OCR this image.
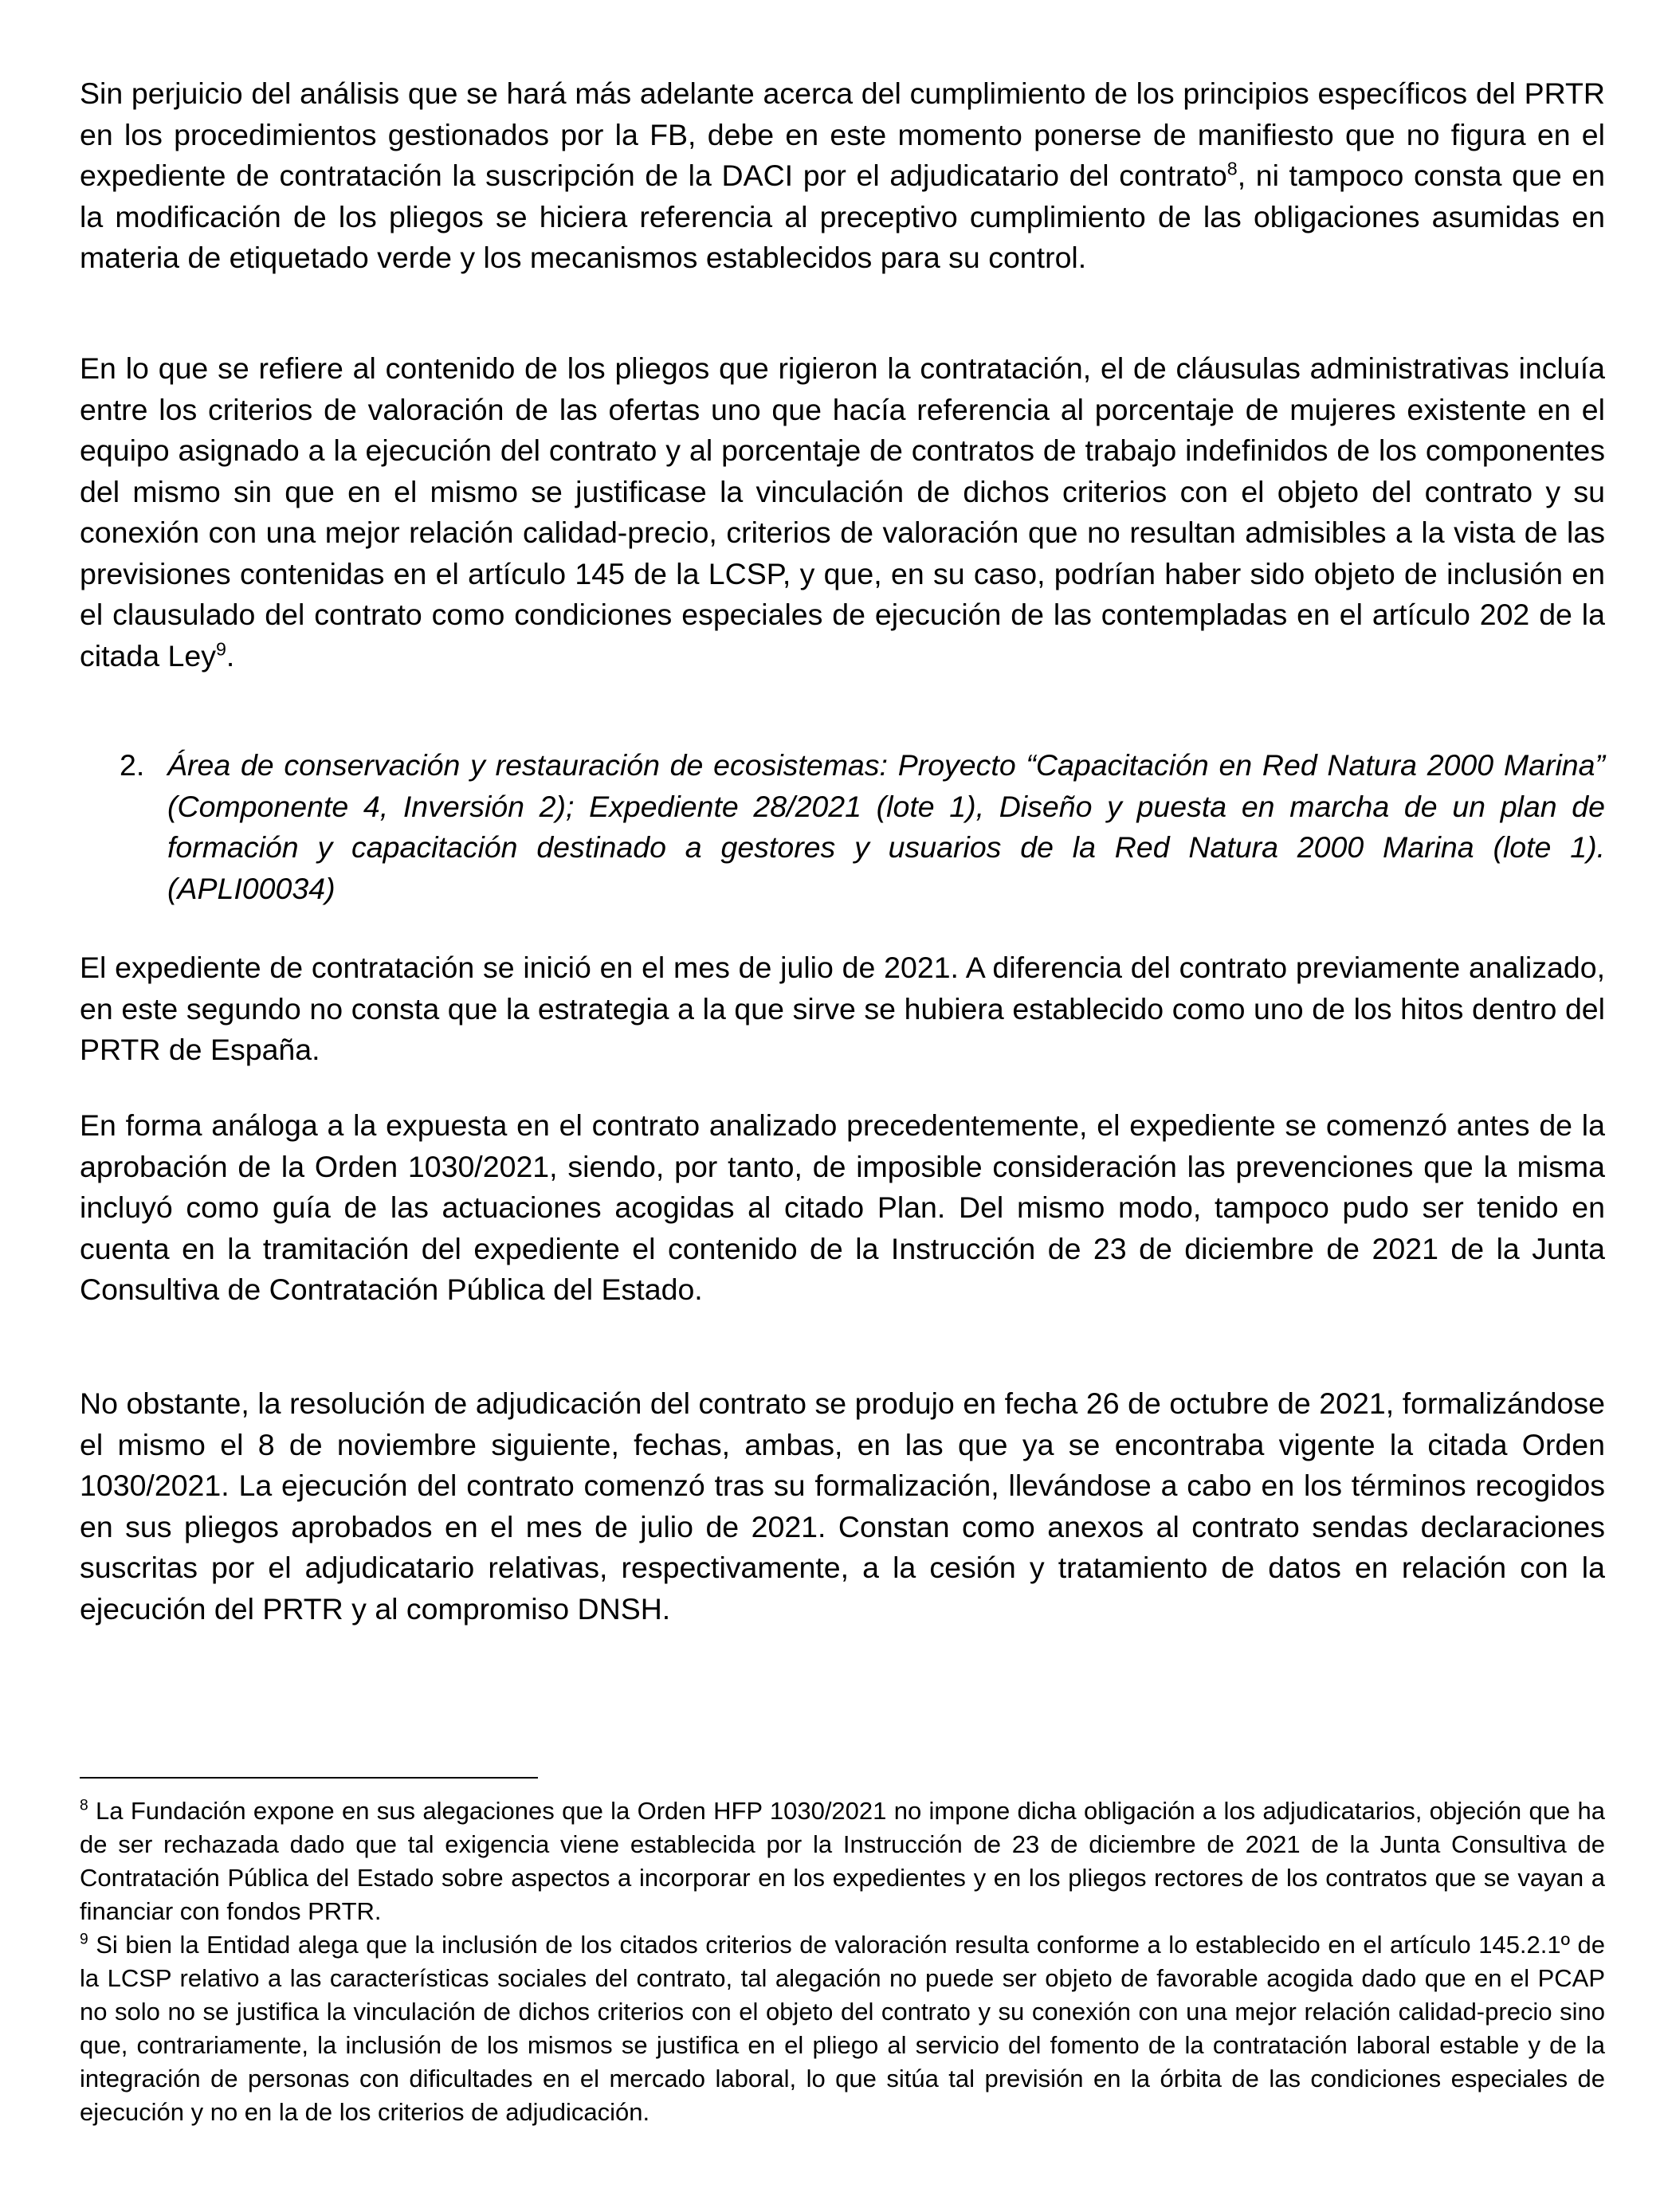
Sin perjuicio del análisis que se hará más adelante acerca del cumplimiento de los principios específicos del PRTR en los procedimientos gestionados por la FB, debe en este momento ponerse de manifiesto que no figura en el expediente de contratación la suscripción de la DACI por el adjudicatario del contrato$^8$, ni tampoco consta que en la modificación de los pliegos se hiciera referencia al preceptivo cumplimiento de las obligaciones asumidas en materia de etiquetado verde y los mecanismos establecidos para su control.

En lo que se refiere al contenido de los pliegos que rigieron la contratación, el de cláusulas administrativas incluía entre los criterios de valoración de las ofertas uno que hacía referencia al porcentaje de mujeres existente en el equipo asignado a la ejecución del contrato y al porcentaje de contratos de trabajo indefinidos de los componentes del mismo sin que en el mismo se justificase la vinculación de dichos criterios con el objeto del contrato y su conexión con una mejor relación calidad-precio, criterios de valoración que no resultan admisibles a la vista de las previsiones contenidas en el artículo 145 de la LCSP, y que, en su caso, podrían haber sido objeto de inclusión en el clausulado del contrato como condiciones especiales de ejecución de las contempladas en el artículo 202 de la citada Ley$^9$.

2. Área de conservación y restauración de ecosistemas: Proyecto “Capacitación en Red Natura 2000 Marina” (Componente 4, Inversión 2); Expediente 28/2021 (lote 1), Diseño y puesta en marcha de un plan de formación y capacitación destinado a gestores y usuarios de la Red Natura 2000 Marina (lote 1). (APLI00034)

El expediente de contratación se inició en el mes de julio de 2021. A diferencia del contrato previamente analizado, en este segundo no consta que la estrategia a la que sirve se hubiera establecido como uno de los hitos dentro del PRTR de España.

En forma análoga a la expuesta en el contrato analizado precedentemente, el expediente se comenzó antes de la aprobación de la Orden 1030/2021, siendo, por tanto, de imposible consideración las prevenciones que la misma incluyó como guía de las actuaciones acogidas al citado Plan. Del mismo modo, tampoco pudo ser tenido en cuenta en la tramitación del expediente el contenido de la Instrucción de 23 de diciembre de 2021 de la Junta Consultiva de Contratación Pública del Estado.

No obstante, la resolución de adjudicación del contrato se produjo en fecha 26 de octubre de 2021, formalizándose el mismo el 8 de noviembre siguiente, fechas, ambas, en las que ya se encontraba vigente la citada Orden 1030/2021. La ejecución del contrato comenzó tras su formalización, llevándose a cabo en los términos recogidos en sus pliegos aprobados en el mes de julio de 2021. Constan como anexos al contrato sendas declaraciones suscritas por el adjudicatario relativas, respectivamente, a la cesión y tratamiento de datos en relación con la ejecución del PRTR y al compromiso DNSH.

$^8$ La Fundación expone en sus alegaciones que la Orden HFP 1030/2021 no impone dicha obligación a los adjudicatarios, objeción que ha de ser rechazada dado que tal exigencia viene establecida por la Instrucción de 23 de diciembre de 2021 de la Junta Consultiva de Contratación Pública del Estado sobre aspectos a incorporar en los expedientes y en los pliegos rectores de los contratos que se vayan a financiar con fondos PRTR.

$^9$ Si bien la Entidad alega que la inclusión de los citados criterios de valoración resulta conforme a lo establecido en el artículo 145.2.1º de la LCSP relativo a las características sociales del contrato, tal alegación no puede ser objeto de favorable acogida dado que en el PCAP no solo no se justifica la vinculación de dichos criterios con el objeto del contrato y su conexión con una mejor relación calidad-precio sino que, contrariamente, la inclusión de los mismos se justifica en el pliego al servicio del fomento de la contratación laboral estable y de la integración de personas con dificultades en el mercado laboral, lo que sitúa tal previsión en la órbita de las condiciones especiales de ejecución y no en la de los criterios de adjudicación.
